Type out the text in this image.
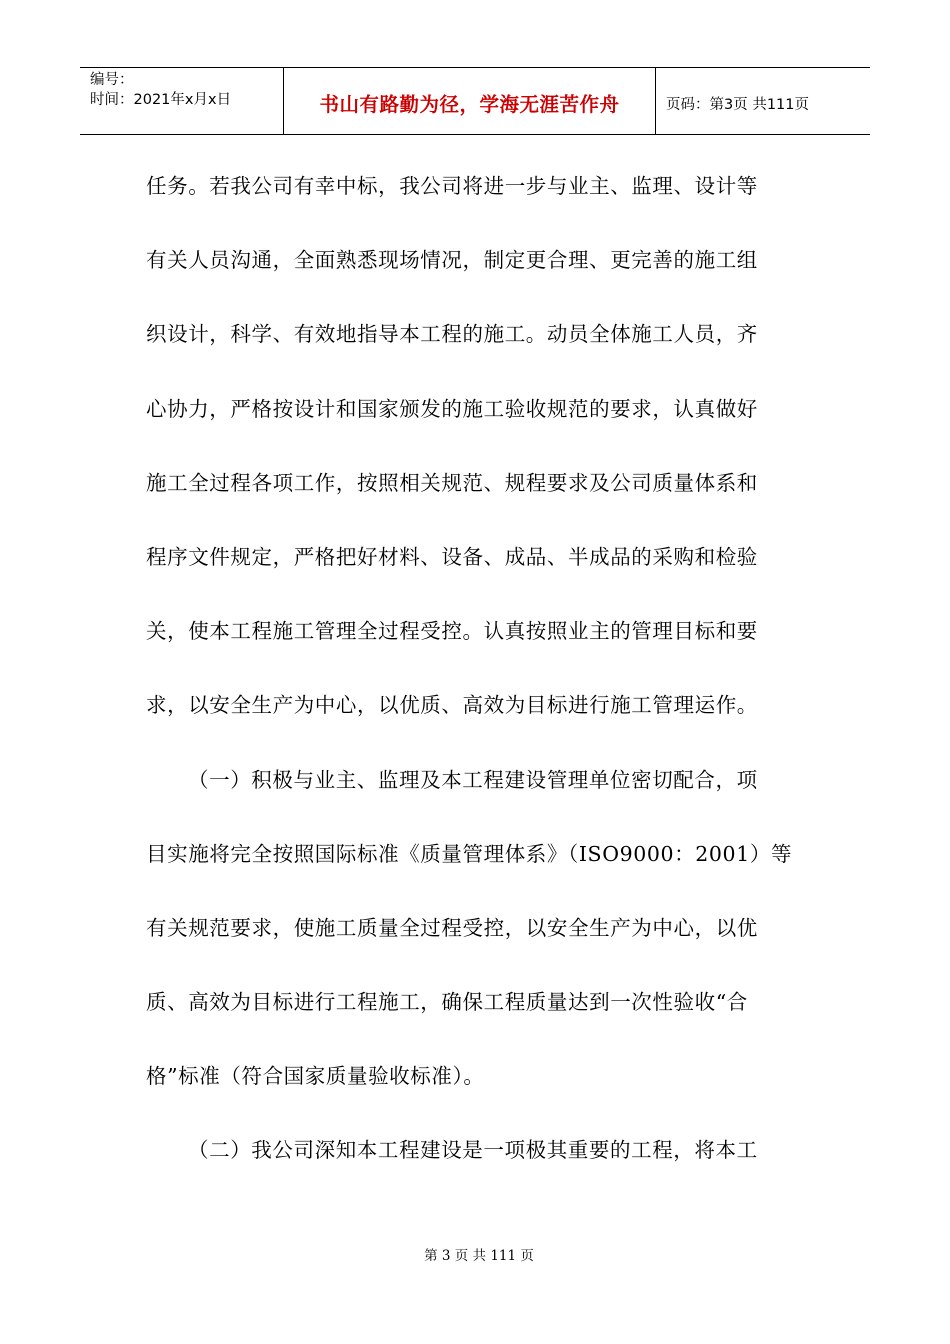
编号：
时间：2021年x月x日	书山有路勤为径，学海无涯苦作舟	页码：第3页 共111页
任务。若我公司有幸中标，我公司将进一步与业主、监理、设计等
有关人员沟通，全面熟悉现场情况，制定更合理、更完善的施工组
织设计，科学、有效地指导本工程的施工。动员全体施工人员，齐
心协力，严格按设计和国家颁发的施工验收规范的要求，认真做好
施工全过程各项工作，按照相关规范、规程要求及公司质量体系和
程序文件规定，严格把好材料、设备、成品、半成品的采购和检验
关，使本工程施工管理全过程受控。认真按照业主的管理目标和要
求，以安全生产为中心，以优质、高效为目标进行施工管理运作。
（一）积极与业主、监理及本工程建设管理单位密切配合，项
目实施将完全按照国际标准《质量管理体系》（ISO9000：2001）等
有关规范要求，使施工质量全过程受控，以安全生产为中心，以优
质、高效为目标进行工程施工，确保工程质量达到一次性验收“合
格”标准（符合国家质量验收标准）。
（二）我公司深知本工程建设是一项极其重要的工程，将本工
第 3 页 共 111 页
